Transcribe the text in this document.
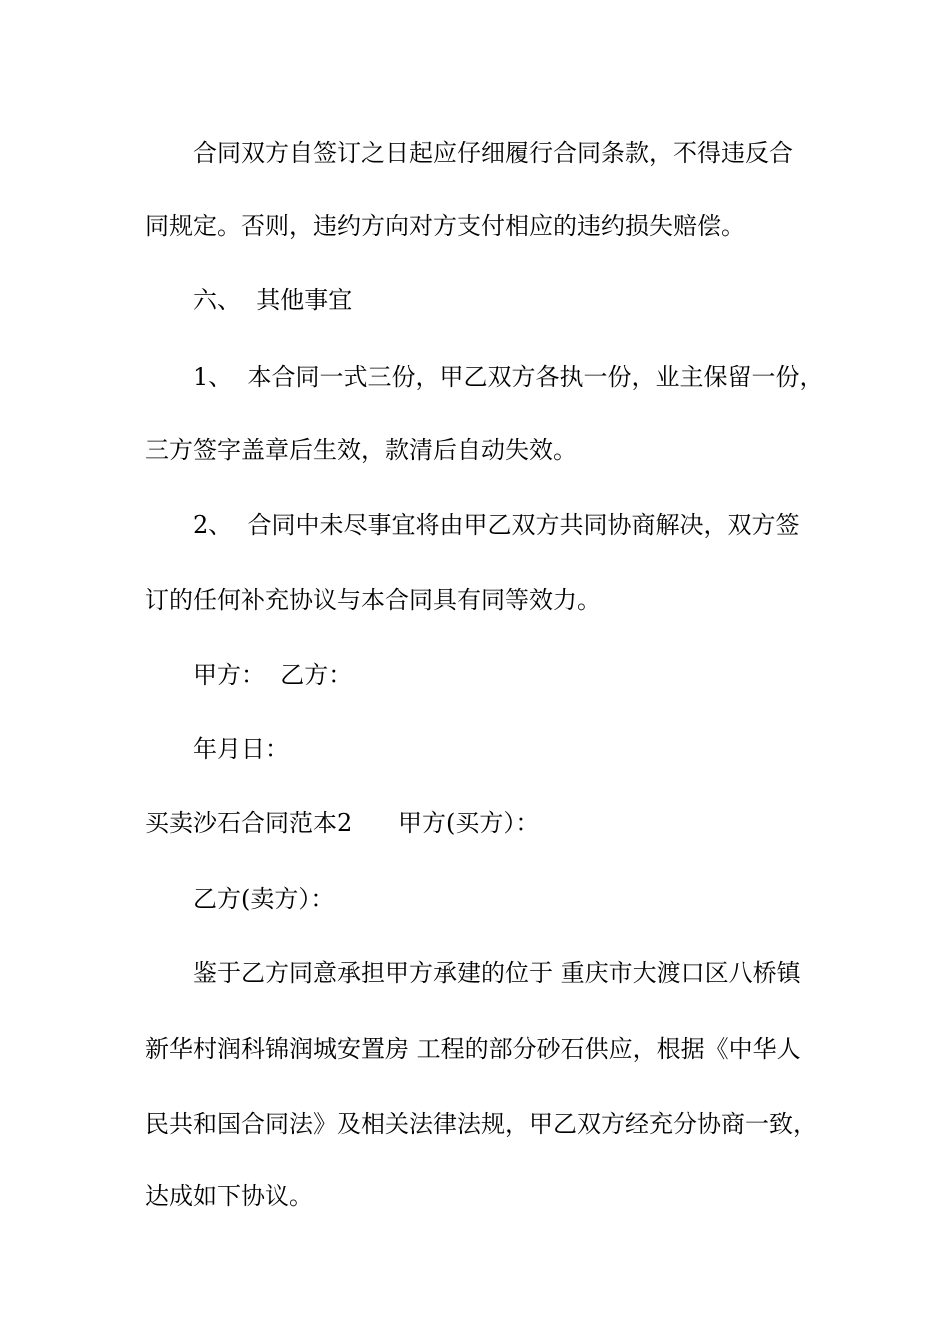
合同双方自签订之日起应仔细履行合同条款，不得违反合
同规定。否则，违约方向对方支付相应的违约损失赔偿。
六、  其他事宜
1、  本合同一式三份，甲乙双方各执一份，业主保留一份，
三方签字盖章后生效，款清后自动失效。
2、  合同中未尽事宜将由甲乙双方共同协商解决，双方签
订的任何补充协议与本合同具有同等效力。
甲方：  乙方：
年月日：
买卖沙石合同范本2      甲方(买方）：
乙方(卖方）：
鉴于乙方同意承担甲方承建的位于 重庆市大渡口区八桥镇
新华村润科锦润城安置房 工程的部分砂石供应，根据《中华人
民共和国合同法》及相关法律法规，甲乙双方经充分协商一致，
达成如下协议。
